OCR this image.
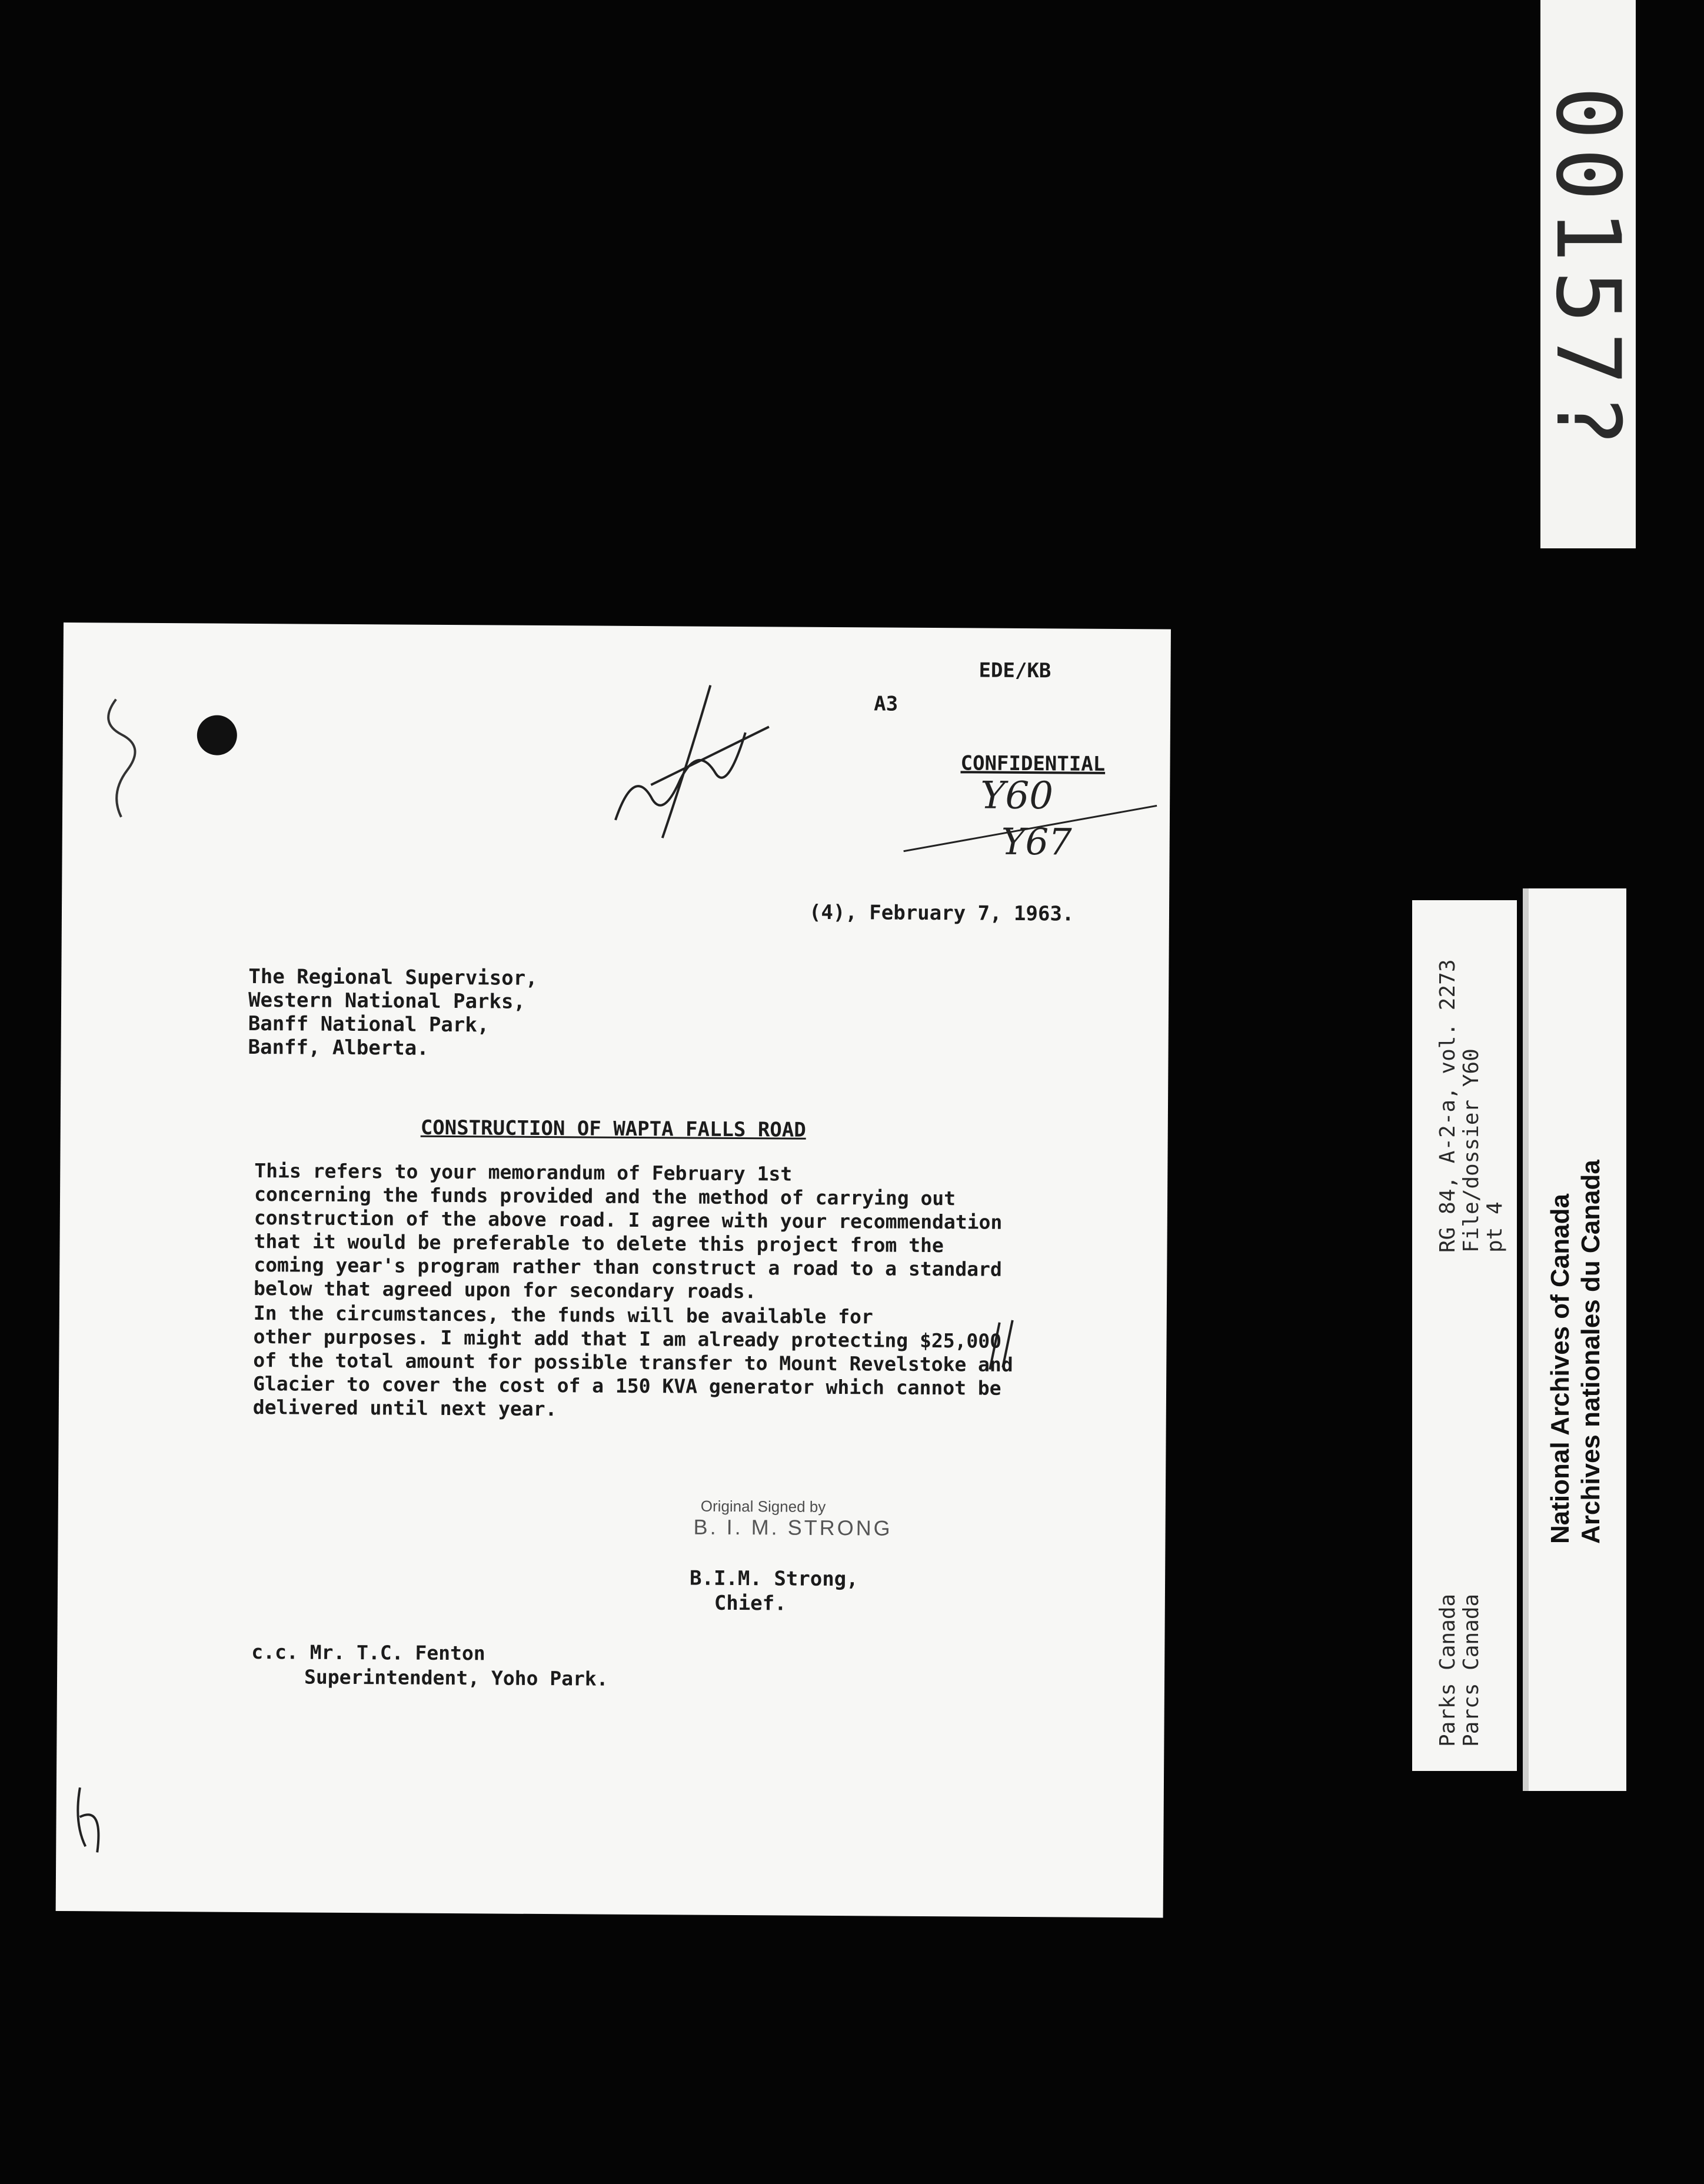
00157?
EDE/KB
A3
CONFIDENTIAL
Y60
Y67
(4), February 7, 1963.
The Regional Supervisor,
Western National Parks,
Banff National Park,
Banff, Alberta.
CONSTRUCTION OF WAPTA FALLS ROAD
This refers to your memorandum of February 1st
concerning the funds provided and the method of carrying out
construction of the above road. I agree with your recommendation
that it would be preferable to delete this project from the
coming year's program rather than construct a road to a standard
below that agreed upon for secondary roads.
In the circumstances, the funds will be available for
other purposes. I might add that I am already protecting $25,000
of the total amount for possible transfer to Mount Revelstoke and
Glacier to cover the cost of a 150 KVA generator which cannot be
delivered until next year.
Original Signed by
B. I. M. STRONG
B.I.M. Strong,
Chief.
c.c. Mr. T.C. Fenton
Superintendent, Yoho Park.	Parks Canada Parcs Canada
RG 84, A-2-a, vol. 2273 File/dossier Y60 pt 4 National Archives of Canada Archives nationales du Canada
